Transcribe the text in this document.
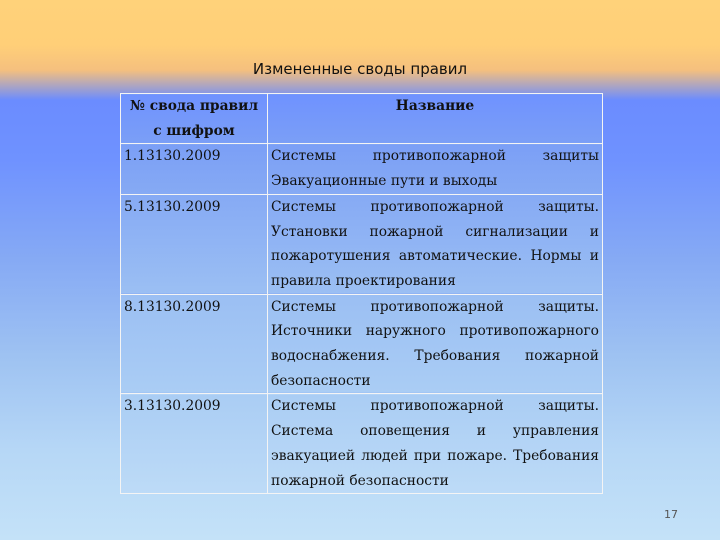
Измененные своды правил
№ свода правил с шифром	Название
1.13130.2009	Системы противопожарной защиты Эвакуационные пути и выходы
5.13130.2009	Системы противопожарной защиты. Установки пожарной сигнализации и пожаротушения автоматические. Нормы и правила проектирования
8.13130.2009	Системы противопожарной защиты. Источники наружного противопожарного водоснабжения. Требования пожарной безопасности
3.13130.2009	Системы противопожарной защиты. Система оповещения и управления эвакуацией людей при пожаре. Требования пожарной безопасности
17
